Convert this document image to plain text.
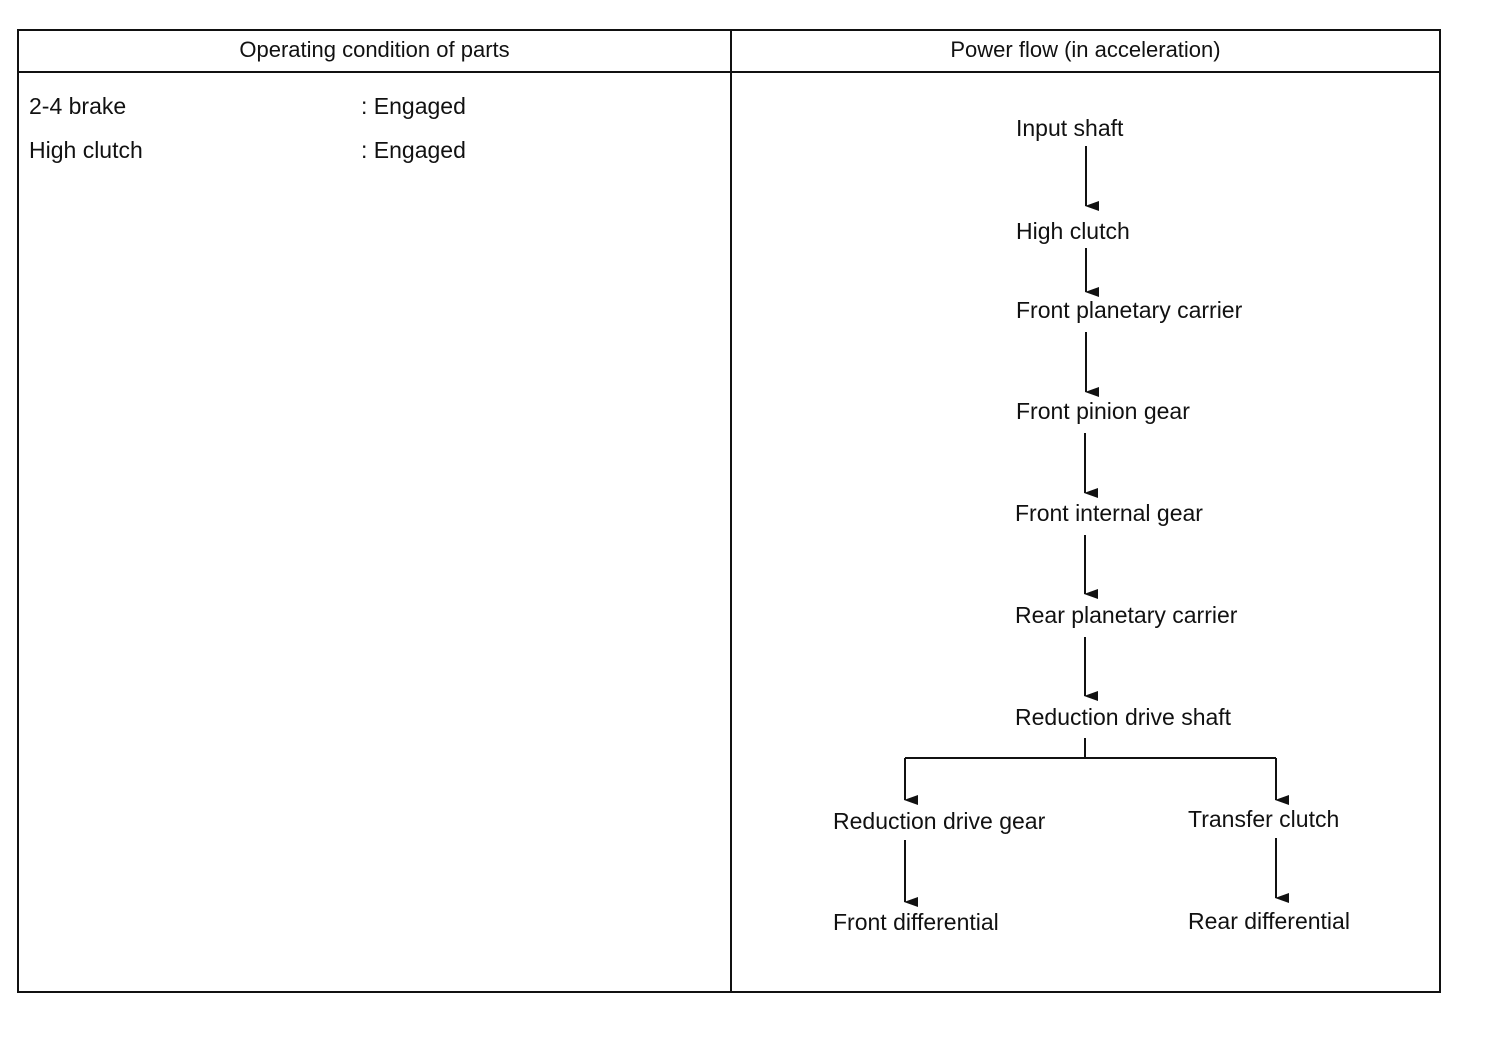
Operating condition of parts	Power flow (in acceleration)
2-4 brake	: Engaged
High clutch	: Engaged
Input shaft
High clutch
Front planetary carrier
Front pinion gear
Front internal gear
Rear planetary carrier
Reduction drive shaft
Reduction drive gear
Front differential
Transfer clutch
Rear differential
